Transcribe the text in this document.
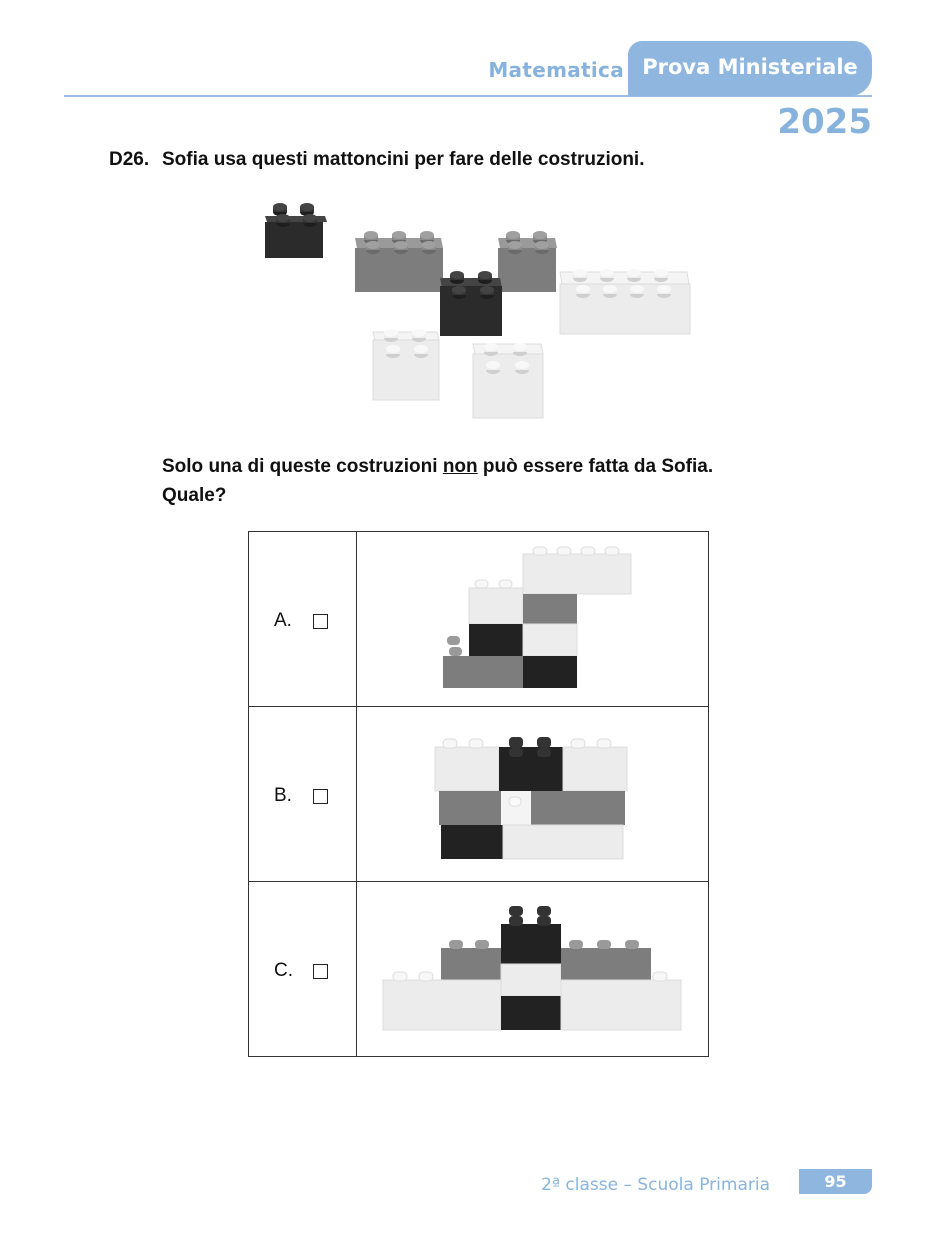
Matematica Prova Ministeriale
2025
D26. Sofia usa questi mattoncini per fare delle costruzioni.
Solo una di queste costruzioni non può essere fatta da Sofia.
Quale?
A.

B.

C.

2ª classe – Scuola Primaria	95
